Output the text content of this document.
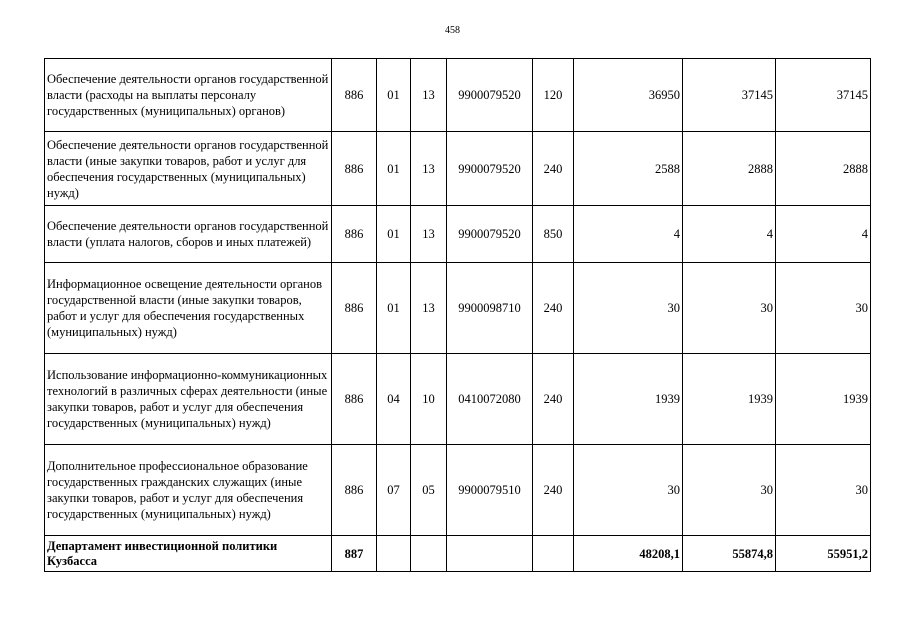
458
Обеспечение деятельности органов государственной власти (расходы на выплаты персоналу государственных (муниципальных) органов)	886	01	13	9900079520	120	36950	37145	37145
Обеспечение деятельности органов государственной власти (иные закупки товаров, работ и услуг для обеспечения государственных (муниципальных) нужд)	886	01	13	9900079520	240	2588	2888	2888
Обеспечение деятельности органов государственной власти (уплата налогов, сборов и иных платежей)	886	01	13	9900079520	850	4	4	4
Информационное освещение деятельности органов государственной власти (иные закупки товаров, работ и услуг для обеспечения государственных (муниципальных) нужд)	886	01	13	9900098710	240	30	30	30
Использование информационно-коммуникационных технологий в различных сферах деятельности (иные закупки товаров, работ и услуг для обеспечения государственных (муниципальных) нужд)	886	04	10	0410072080	240	1939	1939	1939
Дополнительное профессиональное образование государственных гражданских служащих (иные закупки товаров, работ и услуг для обеспечения государственных (муниципальных) нужд)	886	07	05	9900079510	240	30	30	30
Департамент инвестиционной политики Кузбасса	887					48208,1	55874,8	55951,2
